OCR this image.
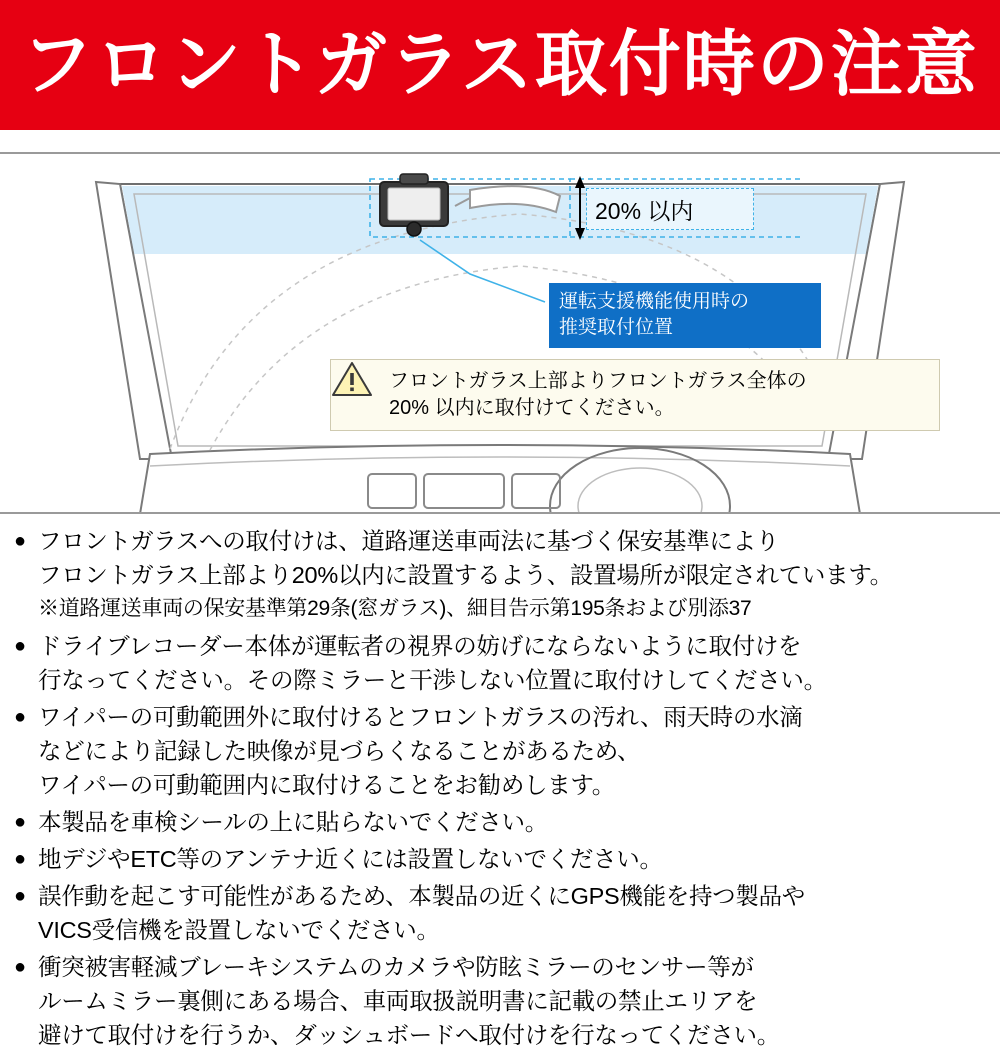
フロントガラス取付時の注意
20% 以内
運転支援機能使用時の
推奨取付位置
フロントガラス上部よりフロントガラス全体の
20% 以内に取付けてください。
● フロントガラスへの取付けは、道路運送車両法に基づく保安基準により
フロントガラス上部より20%以内に設置するよう、設置場所が限定されています。
※道路運送車両の保安基準第29条(窓ガラス)、細目告示第195条および別添37
● ドライブレコーダー本体が運転者の視界の妨げにならないように取付けを
行なってください。その際ミラーと干渉しない位置に取付けしてください。
● ワイパーの可動範囲外に取付けるとフロントガラスの汚れ、雨天時の水滴
などにより記録した映像が見づらくなることがあるため、
ワイパーの可動範囲内に取付けることをお勧めします。
● 本製品を車検シールの上に貼らないでください。
● 地デジやETC等のアンテナ近くには設置しないでください。
● 誤作動を起こす可能性があるため、本製品の近くにGPS機能を持つ製品や
VICS受信機を設置しないでください。
● 衝突被害軽減ブレーキシステムのカメラや防眩ミラーのセンサー等が
ルームミラー裏側にある場合、車両取扱説明書に記載の禁止エリアを
避けて取付けを行うか、ダッシュボードへ取付けを行なってください。
